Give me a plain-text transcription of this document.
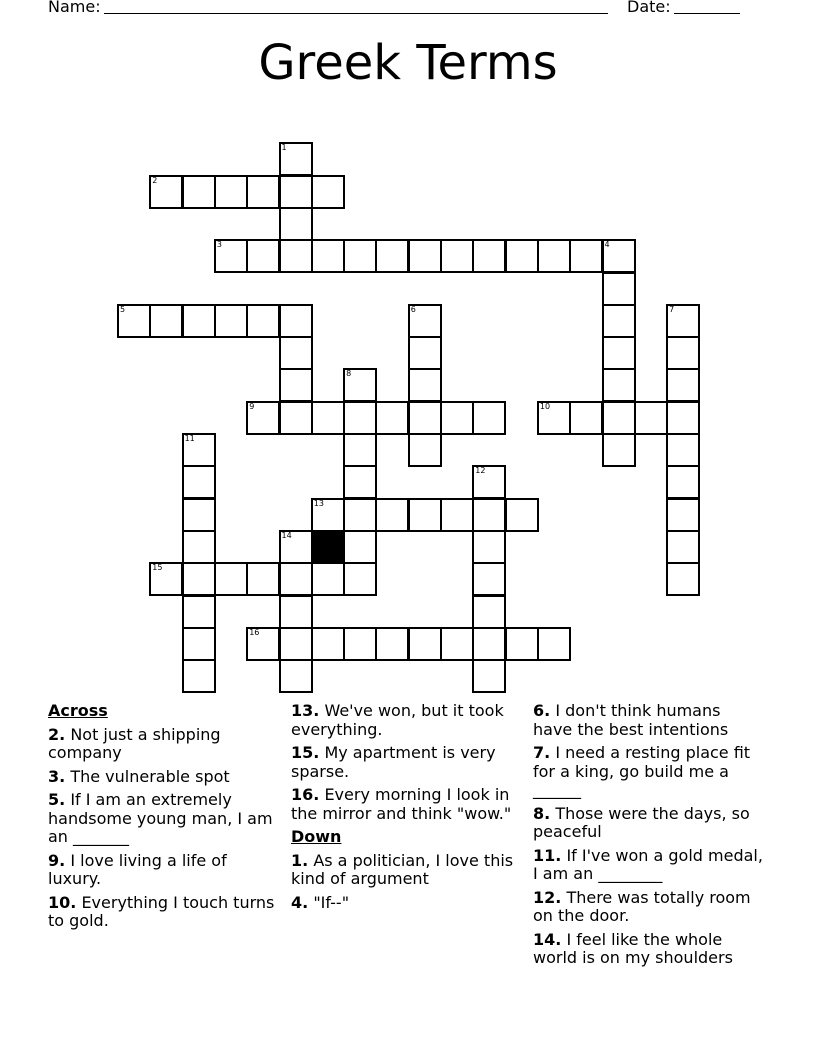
Name:	Date:
Greek Terms
1
2
3	4
5	6	7
8
9	10
11
12
13
14
15
16
Across
2. Not just a shipping company
3. The vulnerable spot
5. If I am an extremely handsome young man, I am an _______
9. I love living a life of luxury.
10. Everything I touch turns to gold.
13. We've won, but it took everything.
15. My apartment is very sparse.
16. Every morning I look in the mirror and think "wow."
Down
1. As a politician, I love this kind of argument
4. "If--"
6. I don't think humans have the best intentions
7. I need a resting place fit for a king, go build me a ______
8. Those were the days, so peaceful
11. If I've won a gold medal, I am an ________
12. There was totally room on the door.
14. I feel like the whole world is on my shoulders
